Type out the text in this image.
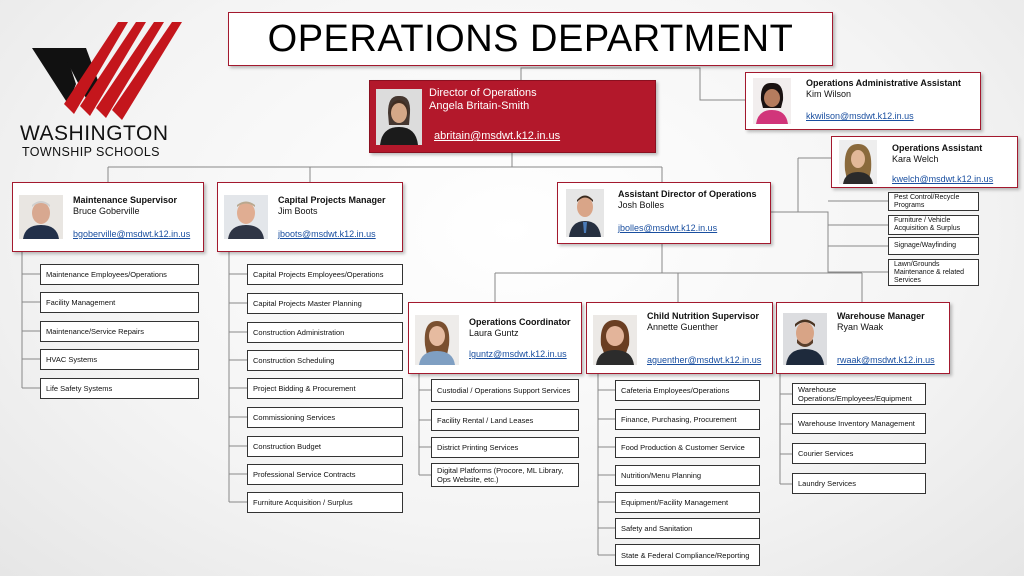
WASHINGTON
TOWNSHIP SCHOOLS
OPERATIONS DEPARTMENT
Director of Operations
Angela Britain-Smith
abritain@msdwt.k12.in.us
Operations Administrative Assistant
Kim Wilson
kkwilson@msdwt.k12.in.us
Operations Assistant
Kara Welch
kwelch@msdwt.k12.in.us
Maintenance Supervisor
Bruce Goberville
bgoberville@msdwt.k12.in.us
Capital Projects Manager
Jim Boots
jboots@msdwt.k12.in.us
Assistant Director of Operations
Josh Bolles
jbolles@msdwt.k12.in.us
Operations Coordinator
Laura Guntz
lguntz@msdwt.k12.in.us
Child Nutrition Supervisor
Annette Guenther
aguenther@msdwt.k12.in.us
Warehouse Manager
Ryan Waak
rwaak@msdwt.k12.in.us
Maintenance Employees/Operations
Facility Management
Maintenance/Service Repairs
HVAC Systems
Life Safety Systems
Capital Projects Employees/Operations
Capital Projects Master Planning
Construction Administration
Construction Scheduling
Project Bidding & Procurement
Commissioning Services
Construction Budget
Professional Service Contracts
Furniture Acquisition / Surplus
Pest Control/Recycle Programs
Furniture / Vehicle Acquisition & Surplus
Signage/Wayfinding
Lawn/Grounds Maintenance & related Services
Custodial / Operations Support Services
Facility Rental / Land Leases
District Printing Services
Digital Platforms (Procore, ML Library, Ops Website, etc.)
Cafeteria Employees/Operations
Finance, Purchasing, Procurement
Food Production & Customer Service
Nutrition/Menu Planning
Equipment/Facility Management
Safety and Sanitation
State & Federal Compliance/Reporting
Warehouse Operations/Employees/Equipment
Warehouse Inventory Management
Courier Services
Laundry Services
